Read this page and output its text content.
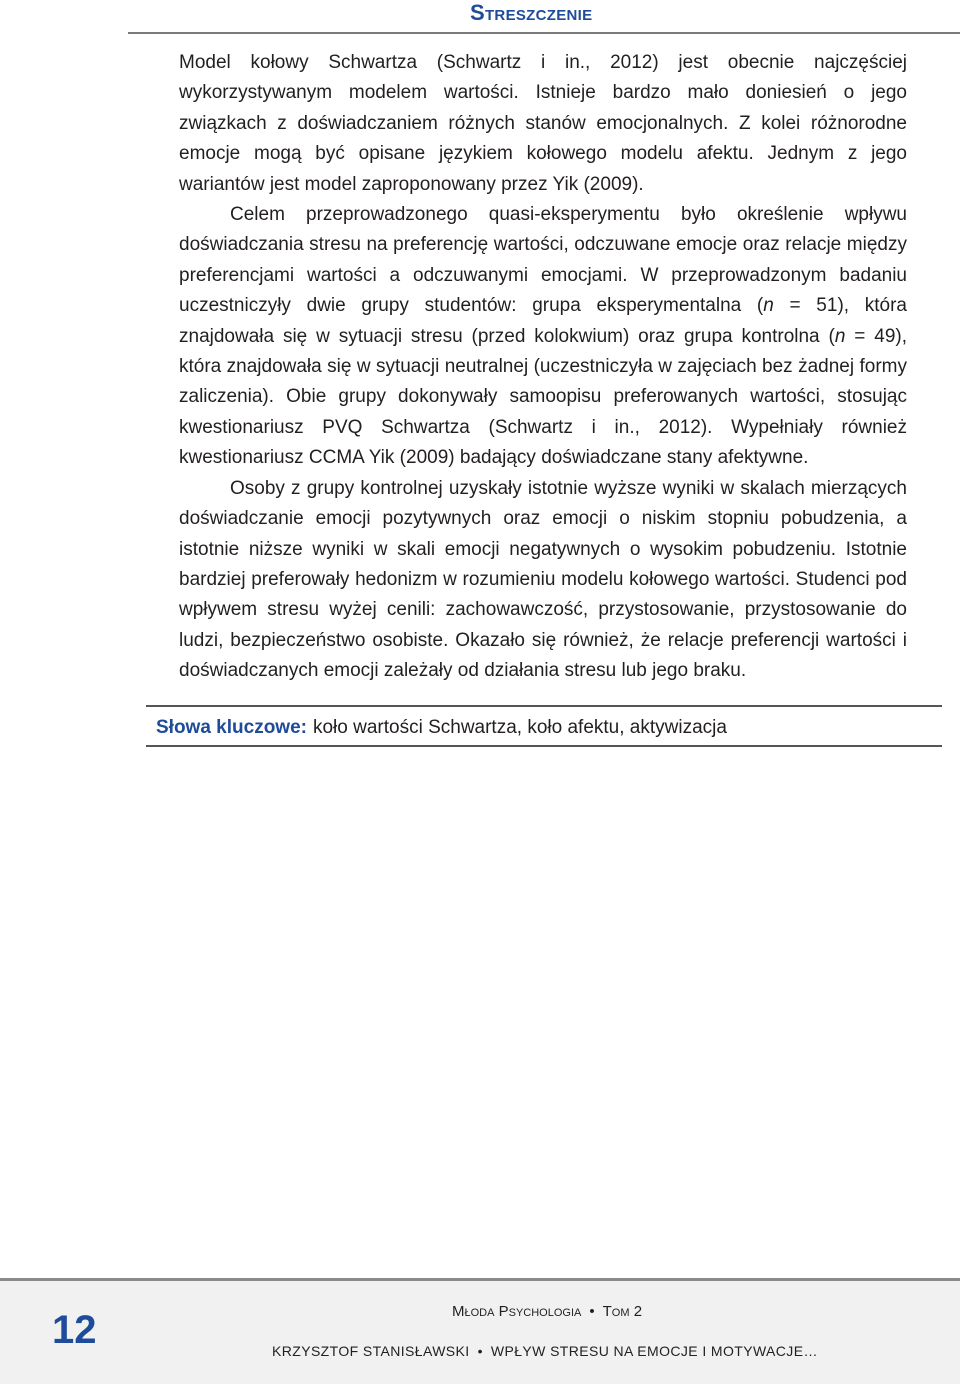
Streszczenie

Model kołowy Schwartza (Schwartz i in., 2012) jest obecnie najczęściej wykorzystywanym modelem wartości. Istnieje bardzo mało doniesień o jego związkach z doświadczaniem różnych stanów emocjonalnych. Z kolei różnorodne emocje mogą być opisane językiem kołowego modelu afektu. Jednym z jego wariantów jest model zaproponowany przez Yik (2009).

Celem przeprowadzonego quasi-eksperymentu było określenie wpływu doświadczania stresu na preferencję wartości, odczuwane emocje oraz relacje między preferencjami wartości a odczuwanymi emocjami. W przeprowadzonym badaniu uczestniczyły dwie grupy studentów: grupa eksperymentalna (n = 51), która znajdowała się w sytuacji stresu (przed kolokwium) oraz grupa kontrolna (n = 49), która znajdowała się w sytuacji neutralnej (uczestniczyła w zajęciach bez żadnej formy zaliczenia). Obie grupy dokonywały samoopisu preferowanych wartości, stosując kwestionariusz PVQ Schwartza (Schwartz i in., 2012). Wypełniały również kwestionariusz CCMA Yik (2009) badający doświadczane stany afektywne.

Osoby z grupy kontrolnej uzyskały istotnie wyższe wyniki w skalach mierzących doświadczanie emocji pozytywnych oraz emocji o niskim stopniu pobudzenia, a istotnie niższe wyniki w skali emocji negatywnych o wysokim pobudzeniu. Istotnie bardziej preferowały hedonizm w rozumieniu modelu kołowego wartości. Studenci pod wpływem stresu wyżej cenili: zachowawczość, przystosowanie, przystosowanie do ludzi, bezpieczeństwo osobiste. Okazało się również, że relacje preferencji wartości i doświadczanych emocji zależały od działania stresu lub jego braku.

Słowa kluczowe: koło wartości Schwartza, koło afektu, aktywizacja
12	Młoda Psychologia • Tom 2
KRZYSZTOF STANISŁAWSKI • WPŁYW STRESU NA EMOCJE I MOTYWACJE…
